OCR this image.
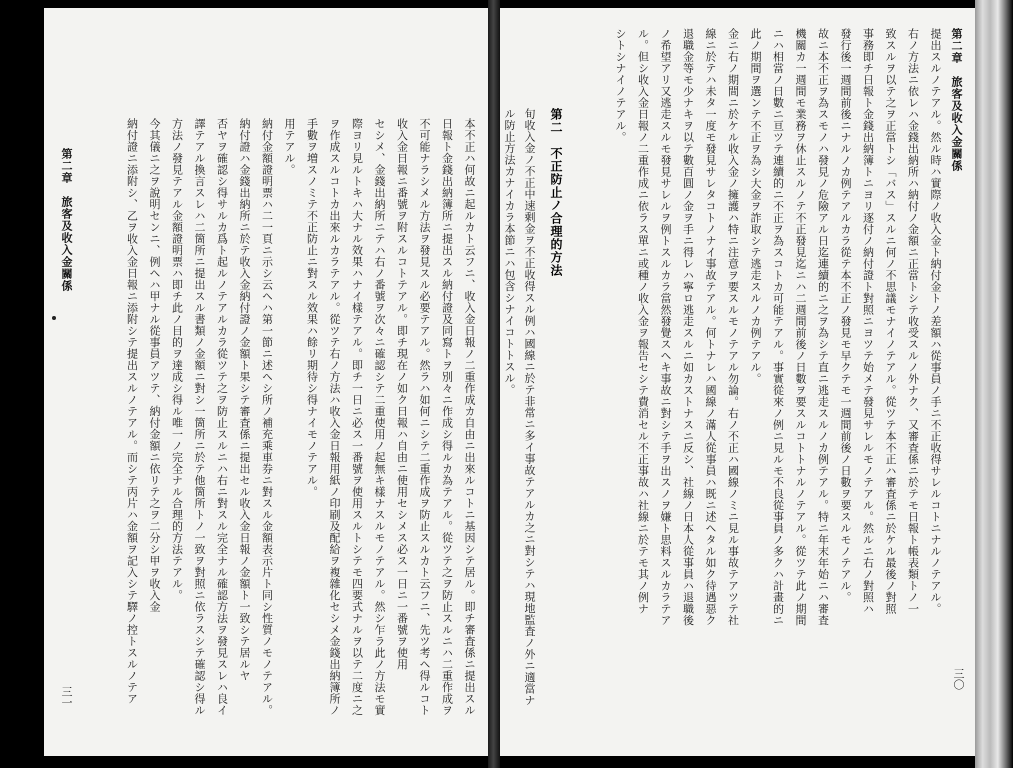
第二章　旅客及收入金關係
三〇
提出スルノテアル。然ル時ハ實際ノ收入金ト納付金トノ差額ハ從事員ノ手ニ不正收得サレルコトニナルノテアル。
右ノ方法ニ依レハ金錢出納所ハ納付ノ金額ニ正當トシテ收受スルノ外ナク、又審査係ニ於テモ日報ト帳表類トノ一
致スルヲ以テ之ヲ正當トシ「バス」スルニ何ノ不思議モナイノテアル。從ツテ本不正ハ審査係ニ於ケル最後ノ對照
事務即チ日報ト金錢出納簿トニヨリ逐付ノ納付證ト對照ニヨツテ始メテ發見サレルモノテアル。然ルニ右ノ對照ハ
發行後一週間前後ニナルノカ例テアルカラ從テ本不正ノ發見モ早クテモ一週間前後ノ日數ヲ要スルモノテアル。
故ニ本不正ヲ為スモノハ發見ノ危險アル日迄連續的ニ之ヲ為シテ直ニ逃走スルノカ例テアル。特ニ年末年始ニハ審査
機關カ一週間モ業務ヲ休止スルノテ不正發見迄ニハ二週間前後ノ日數ヲ要スルコトトナルノテアル。從ツテ此ノ期間
ニハ相當ノ日數ニ亘ツテ連續的ニ不正ヲ為スコトカ可能テアル。事實從來ノ例ニ見ルモ不良從事員ノ多クハ計畫的ニ
此ノ期間ヲ選ンテ不正ヲ為シ大金ヲ詐取シテ逃走スルノカ例テアル。
金ニ右ノ期間ニ於ケル收入金ノ擁護ハ特ニ注意ヲ要スルモノテアル勿論。右ノ不正ハ國線ノミニ見ル事故テアツテ社
線ニ於テハ未タ一度モ發見サレタコトノナイ事故テアル。何トナレハ國線ノ滿人從事員ハ既ニ述ヘタル如ク待遇惡ク
退職金等モ少ナキヲ以テ數百圓ノ金ヲ手ニ得レハ寧ロ逃走スルニ如カストナスニ反シ、社線ノ日本人從事員ハ退職後
ノ希望アリ又逃走スルモ發見サレルヲ例トスルカラ當然發覺スヘキ事故ニ對シテ手ヲ出スノヲ嫌ト思料スルカラテア
ル。但シ收入金日報ノ二重作成ニ依ラス單ニ或種ノ收入金ヲ報告セシテ費消セル不正事故ハ社線ニ於テモ其ノ例ナ
シトシナイノテアル。
第二　不正防止ノ合理的方法
旬收入金ノ不正中速剩金ヲ不正收得スル例ハ國線ニ於テ非常ニ多イ事故テアルカ之ニ對シテハ現地監査ノ外ニ適當ナ
ル防止方法カナイカラ本節ニハ包含シナイコトトスル。
第二章　旅客及收入金關係
三一	本不正ハ何故ニ起ルカト云フニ、收入金日報ノ二重作成カ自由ニ出來ルコトニ基因シテ居ル。即チ審査係ニ提出スル
日報ト金錢出納簿所ニ提出スル納付證及同寫トヲ別々ニ作成シ得ルカ為テアル。從ツテ之ヲ防止スルニハ二重作成ヲ
不可能ナラシメル方法ヲ發見スル必要テアル。然ラハ如何ニシテ二重作成ヲ防止スルカト云フニ、先ツ考ヘ得ルコト
收入金日報ニ番號ヲ附スルコトテアル。即チ現在ノ如ク日報ハ自由ニ使用セシメス必ス一日ニ一番號ヲ使用
セシメ、金錢出納所ニテハ右ノ番號ヲ次々ニ確認シテ二重使用ノ起無キ樣ナスルモノテアル。然シ乍ラ此ノ方法モ實
際ヨリ見ルトキハ大ナル效果ハナイ樣テアル。即チ一日ニ必ス一番號ヲ使用スルトシテモ四要式ナルヲ以テ二度ニ之
ヲ作成スルコトカ出來ルカラテアル。從ツテ右ノ方法ハ收入金日報用紙ノ印刷及配給ヲ複雜化セシメ金錢出納簿所ノ
手數ヲ増スノミテ不正防止ニ對スル效果ハ餘リ期待シ得ナイモノテアル。
用テアル。
納付金額證明票ハ二一頁ニ示シ云ヘハ第一節ニ述ヘシ所ノ補充乘車券ニ對スル金額表示片ト同シ性質ノモノテアル。
納付證ハ金錢出納所ニ於テ收入金納付證ノ金額ト果シテ審査係ニ提出セル收入金日報ノ金額ト一致シテ居ルヤ
否ヤヲ確認シ得サルカ爲ト起ルノテアルカラ從ツテ之ヲ防止スルニハ右ニ對スル完全ナル確認方法ヲ發見スレハ良イ
譯テアル換言スレハ二箇所ニ提出スル書類ノ金額ニ對シ一箇所ニ於テ他箇所トノ一致ヲ對照ニ依ラスシテ確認シ得ル
方法ノ發見テアル金額證明票ハ即チ此ノ目的ヲ達成シ得ル唯一ノ完全ナル合理的方法テアル。
今其儀ニ之ヲ說明センニ、例ヘハ甲ナル從事員アツテ、納付金額ニ依リテ之ヲ二分シ甲ヲ收入金
納付證ニ添附シ、乙ヲ收入金日報ニ添附シテ提出スルノテアル。而シテ丙片ハ金額ヲ記入シテ驛ノ控トスルノテア
